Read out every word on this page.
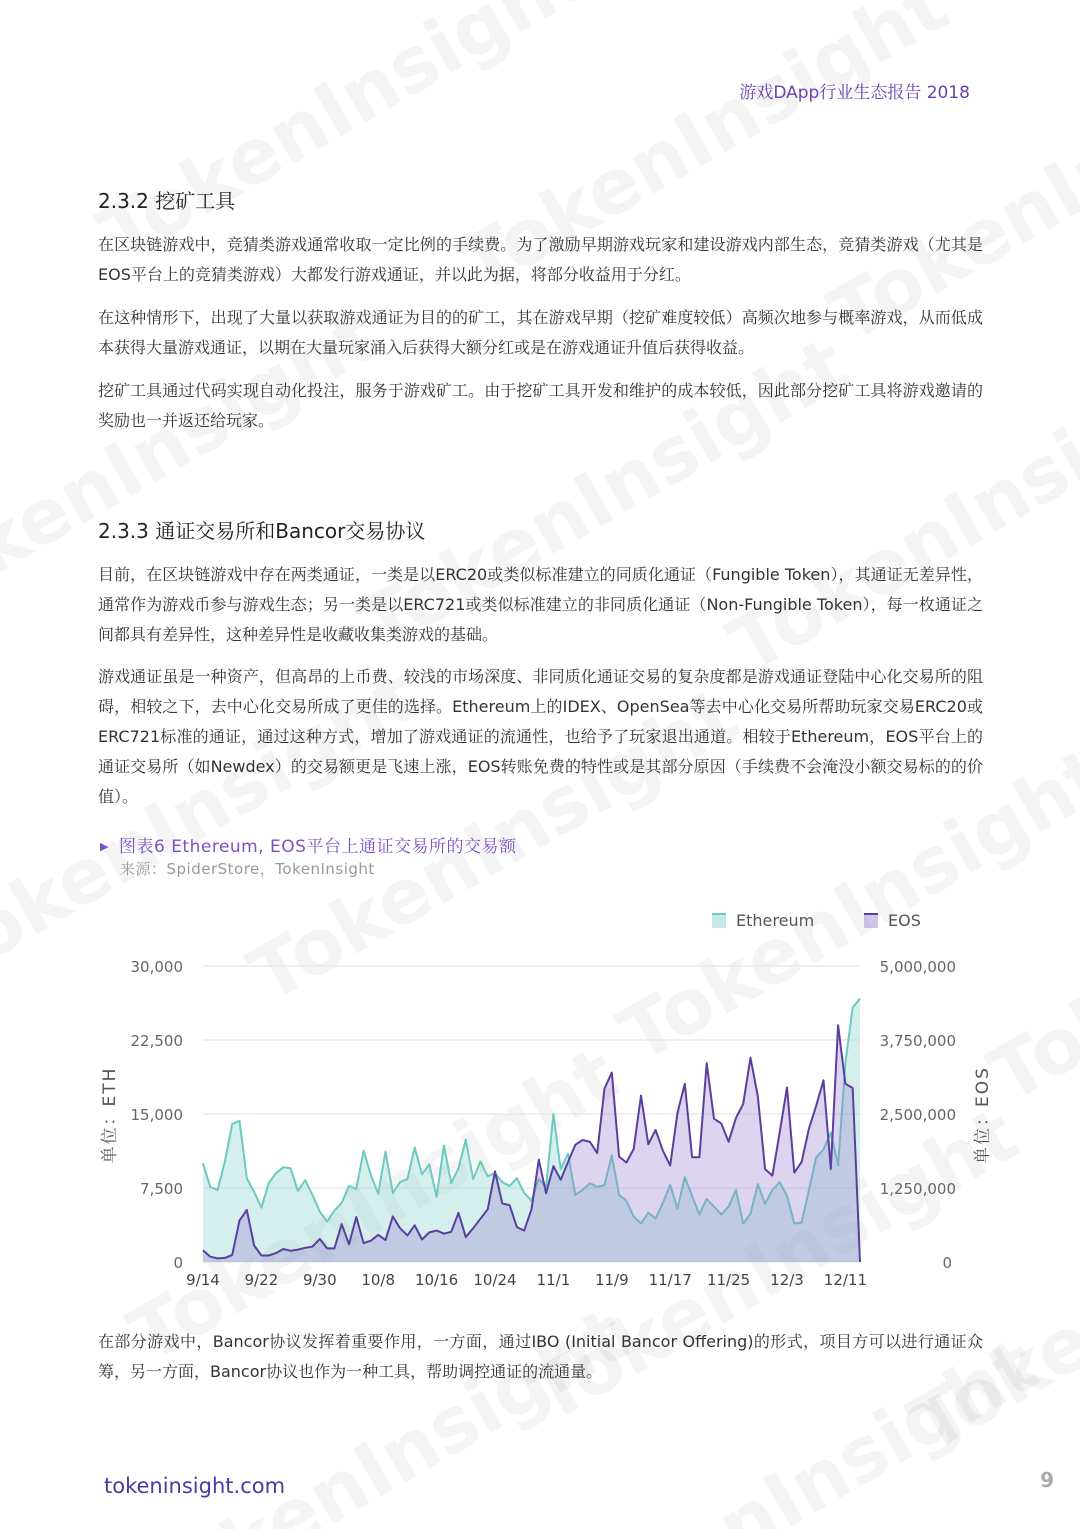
游戏DApp行业生态报告 2018
2.3.2 挖矿工具

在区块链游戏中，竞猜类游戏通常收取一定比例的手续费。为了激励早期游戏玩家和建设游戏内部生态，竞猜类游戏（尤其是EOS平台上的竞猜类游戏）大都发行游戏通证，并以此为据，将部分收益用于分红。

在这种情形下，出现了大量以获取游戏通证为目的的矿工，其在游戏早期（挖矿难度较低）高频次地参与概率游戏，从而低成本获得大量游戏通证，以期在大量玩家涌入后获得大额分红或是在游戏通证升值后获得收益。

挖矿工具通过代码实现自动化投注，服务于游戏矿工。由于挖矿工具开发和维护的成本较低，因此部分挖矿工具将游戏邀请的奖励也一并返还给玩家。

2.3.3 通证交易所和Bancor交易协议

目前，在区块链游戏中存在两类通证，一类是以ERC20或类似标准建立的同质化通证（Fungible Token），其通证无差异性，通常作为游戏币参与游戏生态；另一类是以ERC721或类似标准建立的非同质化通证（Non-Fungible Token），每一枚通证之间都具有差异性，这种差异性是收藏收集类游戏的基础。

游戏通证虽是一种资产，但高昂的上币费、较浅的市场深度、非同质化通证交易的复杂度都是游戏通证登陆中心化交易所的阻碍，相较之下，去中心化交易所成了更佳的选择。Ethereum上的IDEX、OpenSea等去中心化交易所帮助玩家交易ERC20或ERC721标准的通证，通过这种方式，增加了游戏通证的流通性，也给予了玩家退出通道。相较于Ethereum，EOS平台上的通证交易所（如Newdex）的交易额更是飞速上涨，EOS转账免费的特性或是其部分原因（手续费不会淹没小额交易标的的价值）。

▶ 图表6 Ethereum, EOS平台上通证交易所的交易额
来源：SpiderStore，TokenInsight
0
7,500
15,000
22,500
30,000
0
1,250,000
2,500,000
3,750,000
5,000,000
9/14 9/22 9/30 10/8 10/16 10/24 11/1 11/9 11/17 11/25 12/3 12/11
Ethereum	EOS
单位：ETH	单位：EOS

在部分游戏中，Bancor协议发挥着重要作用，一方面，通过IBO (Initial Bancor Offering)的形式，项目方可以进行通证众筹，另一方面，Bancor协议也作为一种工具，帮助调控通证的流通量。

tokeninsight.com	9
